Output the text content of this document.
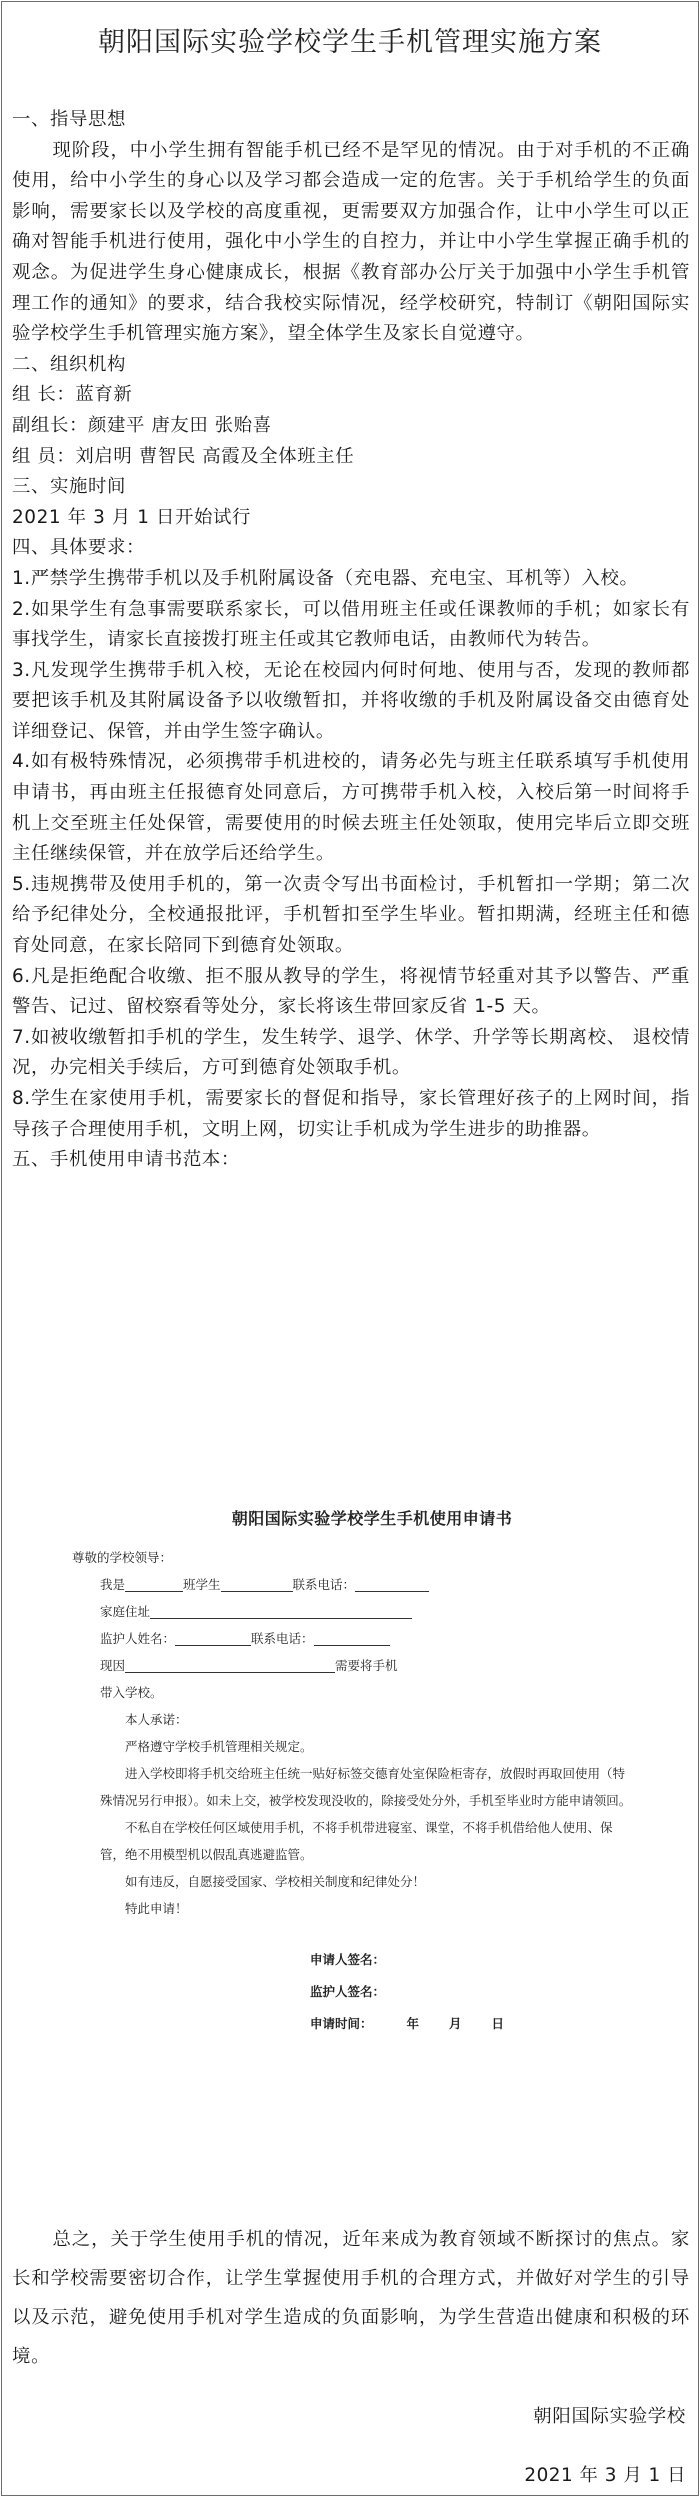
朝阳国际实验学校学生手机管理实施方案

一、指导思想

现阶段，中小学生拥有智能手机已经不是罕见的情况。由于对手机的不正确使用，给中小学生的身心以及学习都会造成一定的危害。关于手机给学生的负面影响，需要家长以及学校的高度重视，更需要双方加强合作，让中小学生可以正确对智能手机进行使用，强化中小学生的自控力，并让中小学生掌握正确手机的观念。为促进学生身心健康成长，根据《教育部办公厅关于加强中小学生手机管理工作的通知》的要求，结合我校实际情况，经学校研究，特制订《朝阳国际实验学校学生手机管理实施方案》，望全体学生及家长自觉遵守。

二、组织机构

组 长：蓝育新

副组长：颜建平 唐友田 张贻喜

组 员：刘启明 曹智民 高霞及全体班主任

三、实施时间

2021 年 3 月 1 日开始试行

四、具体要求：

1.严禁学生携带手机以及手机附属设备（充电器、充电宝、耳机等）入校。

2.如果学生有急事需要联系家长，可以借用班主任或任课教师的手机；如家长有事找学生，请家长直接拨打班主任或其它教师电话，由教师代为转告。

3.凡发现学生携带手机入校，无论在校园内何时何地、使用与否，发现的教师都要把该手机及其附属设备予以收缴暂扣，并将收缴的手机及附属设备交由德育处详细登记、保管，并由学生签字确认。

4.如有极特殊情况，必须携带手机进校的，请务必先与班主任联系填写手机使用申请书，再由班主任报德育处同意后，方可携带手机入校，入校后第一时间将手机上交至班主任处保管，需要使用的时候去班主任处领取，使用完毕后立即交班主任继续保管，并在放学后还给学生。

5.违规携带及使用手机的，第一次责令写出书面检讨，手机暂扣一学期；第二次给予纪律处分，全校通报批评，手机暂扣至学生毕业。暂扣期满，经班主任和德育处同意，在家长陪同下到德育处领取。

6.凡是拒绝配合收缴、拒不服从教导的学生，将视情节轻重对其予以警告、严重警告、记过、留校察看等处分，家长将该生带回家反省 1-5 天。

7.如被收缴暂扣手机的学生，发生转学、退学、休学、升学等长期离校、 退校情况，办完相关手续后，方可到德育处领取手机。

8.学生在家使用手机，需要家长的督促和指导，家长管理好孩子的上网时间，指导孩子合理使用手机，文明上网，切实让手机成为学生进步的助推器。

五、手机使用申请书范本：

朝阳国际实验学校学生手机使用申请书
尊敬的学校领导：
我是	班学生	联系电话：
家庭住址
监护人姓名：	联系电话：
现因	需要将手机
带入学校。
本人承诺：
严格遵守学校手机管理相关规定。
进入学校即将手机交给班主任统一贴好标签交德育处室保险柜寄存，放假时再取回使用（特殊情况另行申报）。如未上交，被学校发现没收的，除接受处分外，手机至毕业时方能申请领回。
不私自在学校任何区域使用手机，不将手机带进寝室、课堂，不将手机借给他人使用、保管，绝不用模型机以假乱真逃避监管。
如有违反，自愿接受国家、学校相关制度和纪律处分！
特此申请！
申请人签名：
监护人签名：
申请时间：	年 月 日

总之，关于学生使用手机的情况，近年来成为教育领域不断探讨的焦点。家长和学校需要密切合作，让学生掌握使用手机的合理方式，并做好对学生的引导以及示范，避免使用手机对学生造成的负面影响，为学生营造出健康和积极的环境。

朝阳国际实验学校
2021 年 3 月 1 日
